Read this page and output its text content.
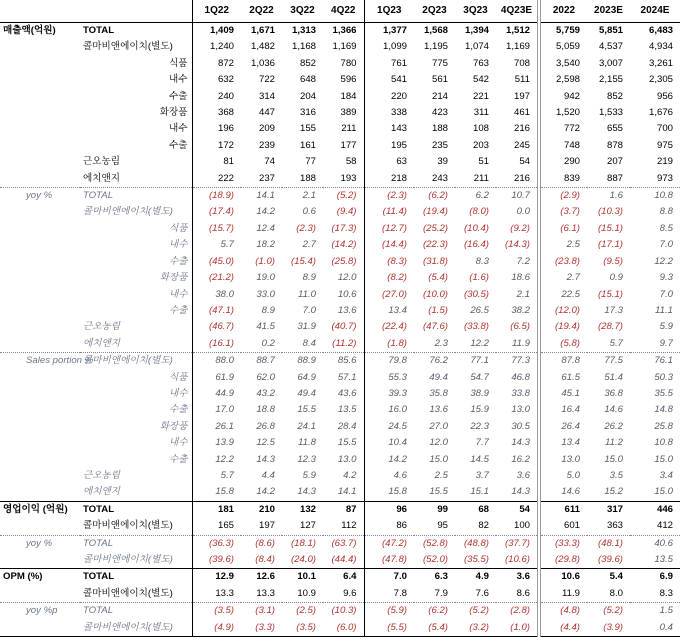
		1Q22	2Q22	3Q22	4Q22	1Q23	2Q23	3Q23	4Q23E	2022	2023E	2024E
매출액(억원)	TOTAL	1,409	1,671	1,313	1,366	1,377	1,568	1,394	1,512	5,759	5,851	6,483
	콜마비앤에이치(별도)	1,240	1,482	1,168	1,169	1,099	1,195	1,074	1,169	5,059	4,537	4,934
	식품	872	1,036	852	780	761	775	763	708	3,540	3,007	3,261
	내수	632	722	648	596	541	561	542	511	2,598	2,155	2,305
	수출	240	314	204	184	220	214	221	197	942	852	956
	화장품	368	447	316	389	338	423	311	461	1,520	1,533	1,676
	내수	196	209	155	211	143	188	108	216	772	655	700
	수출	172	239	161	177	195	235	203	245	748	878	975
	근오농림	81	74	77	58	63	39	51	54	290	207	219
	에치앤지	222	237	188	193	218	243	211	216	839	887	973
yoy %	TOTAL	(18.9)	14.1	2.1	(5.2)	(2.3)	(6.2)	6.2	10.7	(2.9)	1.6	10.8
	콜마비앤에이치(별도)	(17.4)	14.2	0.6	(9.4)	(11.4)	(19.4)	(8.0)	0.0	(3.7)	(10.3)	8.8
	식품	(15.7)	12.4	(2.3)	(17.3)	(12.7)	(25.2)	(10.4)	(9.2)	(6.1)	(15.1)	8.5
	내수	5.7	18.2	2.7	(14.2)	(14.4)	(22.3)	(16.4)	(14.3)	2.5	(17.1)	7.0
	수출	(45.0)	(1.0)	(15.4)	(25.8)	(8.3)	(31.8)	8.3	7.2	(23.8)	(9.5)	12.2
	화장품	(21.2)	19.0	8.9	12.0	(8.2)	(5.4)	(1.6)	18.6	2.7	0.9	9.3
	내수	38.0	33.0	11.0	10.6	(27.0)	(10.0)	(30.5)	2.1	22.5	(15.1)	7.0
	수출	(47.1)	8.9	7.0	13.6	13.4	(1.5)	26.5	38.2	(12.0)	17.3	11.1
	근오농림	(46.7)	41.5	31.9	(40.7)	(22.4)	(47.6)	(33.8)	(6.5)	(19.4)	(28.7)	5.9
	에치앤지	(16.1)	0.2	8.4	(11.2)	(1.8)	2.3	12.2	11.9	(5.8)	5.7	9.7
Sales portion %	콜마비앤에이치(별도)	88.0	88.7	88.9	85.6	79.8	76.2	77.1	77.3	87.8	77.5	76.1
	식품	61.9	62.0	64.9	57.1	55.3	49.4	54.7	46.8	61.5	51.4	50.3
	내수	44.9	43.2	49.4	43.6	39.3	35.8	38.9	33.8	45.1	36.8	35.5
	수출	17.0	18.8	15.5	13.5	16.0	13.6	15.9	13.0	16.4	14.6	14.8
	화장품	26.1	26.8	24.1	28.4	24.5	27.0	22.3	30.5	26.4	26.2	25.8
	내수	13.9	12.5	11.8	15.5	10.4	12.0	7.7	14.3	13.4	11.2	10.8
	수출	12.2	14.3	12.3	13.0	14.2	15.0	14.5	16.2	13.0	15.0	15.0
	근오농림	5.7	4.4	5.9	4.2	4.6	2.5	3.7	3.6	5.0	3.5	3.4
	에치앤지	15.8	14.2	14.3	14.1	15.8	15.5	15.1	14.3	14.6	15.2	15.0
영업이익 (억원)	TOTAL	181	210	132	87	96	99	68	54	611	317	446
	콜마비앤에이치(별도)	165	197	127	112	86	95	82	100	601	363	412
yoy %	TOTAL	(36.3)	(8.6)	(18.1)	(63.7)	(47.2)	(52.8)	(48.8)	(37.7)	(33.3)	(48.1)	40.6
	콜마비앤에이치(별도)	(39.6)	(8.4)	(24.0)	(44.4)	(47.8)	(52.0)	(35.5)	(10.6)	(29.8)	(39.6)	13.5
OPM (%)	TOTAL	12.9	12.6	10.1	6.4	7.0	6.3	4.9	3.6	10.6	5.4	6.9
	콜마비앤에이치(별도)	13.3	13.3	10.9	9.6	7.8	7.9	7.6	8.6	11.9	8.0	8.3
yoy %p	TOTAL	(3.5)	(3.1)	(2.5)	(10.3)	(5.9)	(6.2)	(5.2)	(2.8)	(4.8)	(5.2)	1.5
	콜마비앤에이치(별도)	(4.9)	(3.3)	(3.5)	(6.0)	(5.5)	(5.4)	(3.2)	(1.0)	(4.4)	(3.9)	0.4
